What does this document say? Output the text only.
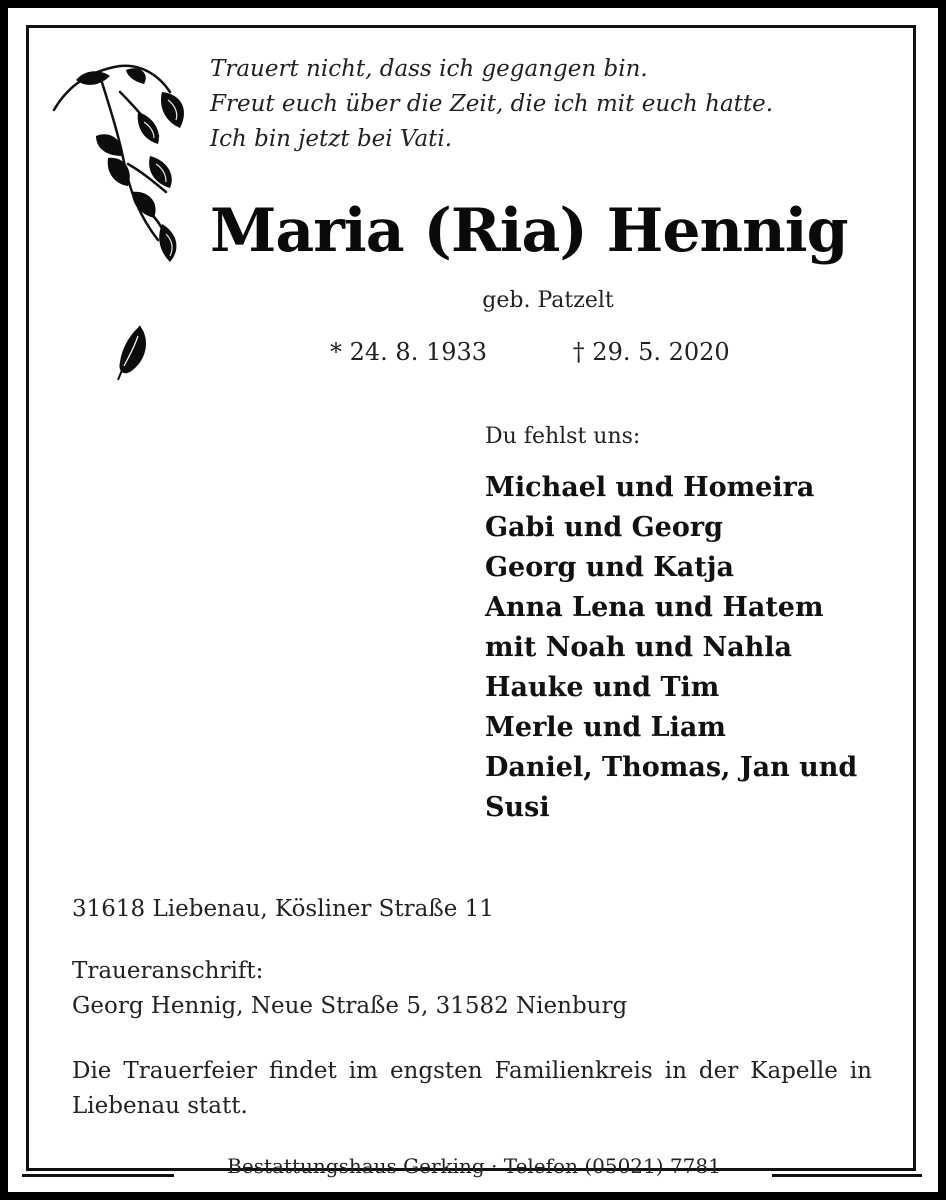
Trauert nicht, dass ich gegangen bin.
Freut euch über die Zeit, die ich mit euch hatte.
Ich bin jetzt bei Vati.
Maria (Ria) Hennig
geb. Patzelt
* 24. 8. 1933	† 29. 5. 2020
Du fehlst uns:
Michael und Homeira
Gabi und Georg
Georg und Katja
Anna Lena und Hatem
mit Noah und Nahla
Hauke und Tim
Merle und Liam
Daniel, Thomas, Jan und
Susi
31618 Liebenau, Kösliner Straße 11
Traueranschrift:
Georg Hennig, Neue Straße 5, 31582 Nienburg
Die Trauerfeier findet im engsten Familienkreis in der Kapelle in Liebenau statt.
Bestattungshaus Gerking · Telefon (05021) 7781
